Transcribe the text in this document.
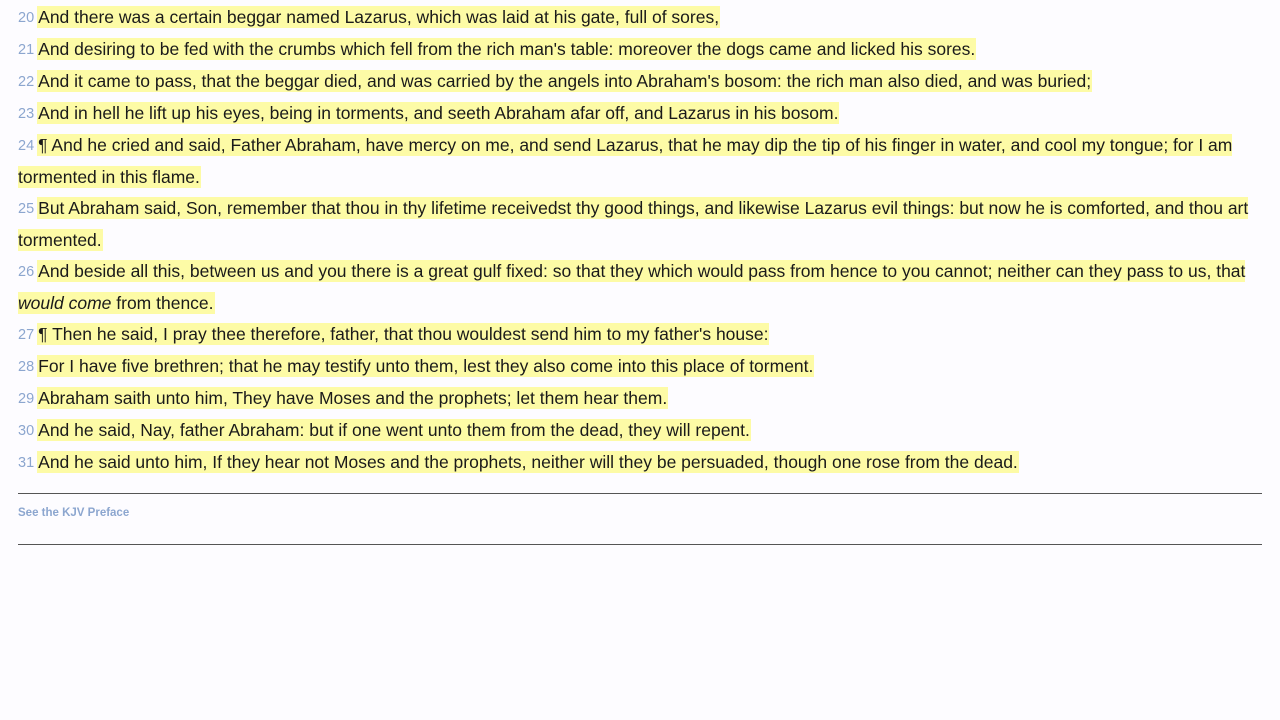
20 And there was a certain beggar named Lazarus, which was laid at his gate, full of sores,

21 And desiring to be fed with the crumbs which fell from the rich man's table: moreover the dogs came and licked his sores.

22 And it came to pass, that the beggar died, and was carried by the angels into Abraham's bosom: the rich man also died, and was buried;

23 And in hell he lift up his eyes, being in torments, and seeth Abraham afar off, and Lazarus in his bosom.

24 ¶ And he cried and said, Father Abraham, have mercy on me, and send Lazarus, that he may dip the tip of his finger in water, and cool my tongue; for I am tormented in this flame.

25 But Abraham said, Son, remember that thou in thy lifetime receivedst thy good things, and likewise Lazarus evil things: but now he is comforted, and thou art tormented.

26 And beside all this, between us and you there is a great gulf fixed: so that they which would pass from hence to you cannot; neither can they pass to us, that would come from thence.

27 ¶ Then he said, I pray thee therefore, father, that thou wouldest send him to my father's house:

28 For I have five brethren; that he may testify unto them, lest they also come into this place of torment.

29 Abraham saith unto him, They have Moses and the prophets; let them hear them.

30 And he said, Nay, father Abraham: but if one went unto them from the dead, they will repent.

31 And he said unto him, If they hear not Moses and the prophets, neither will they be persuaded, though one rose from the dead.

See the KJV Preface
